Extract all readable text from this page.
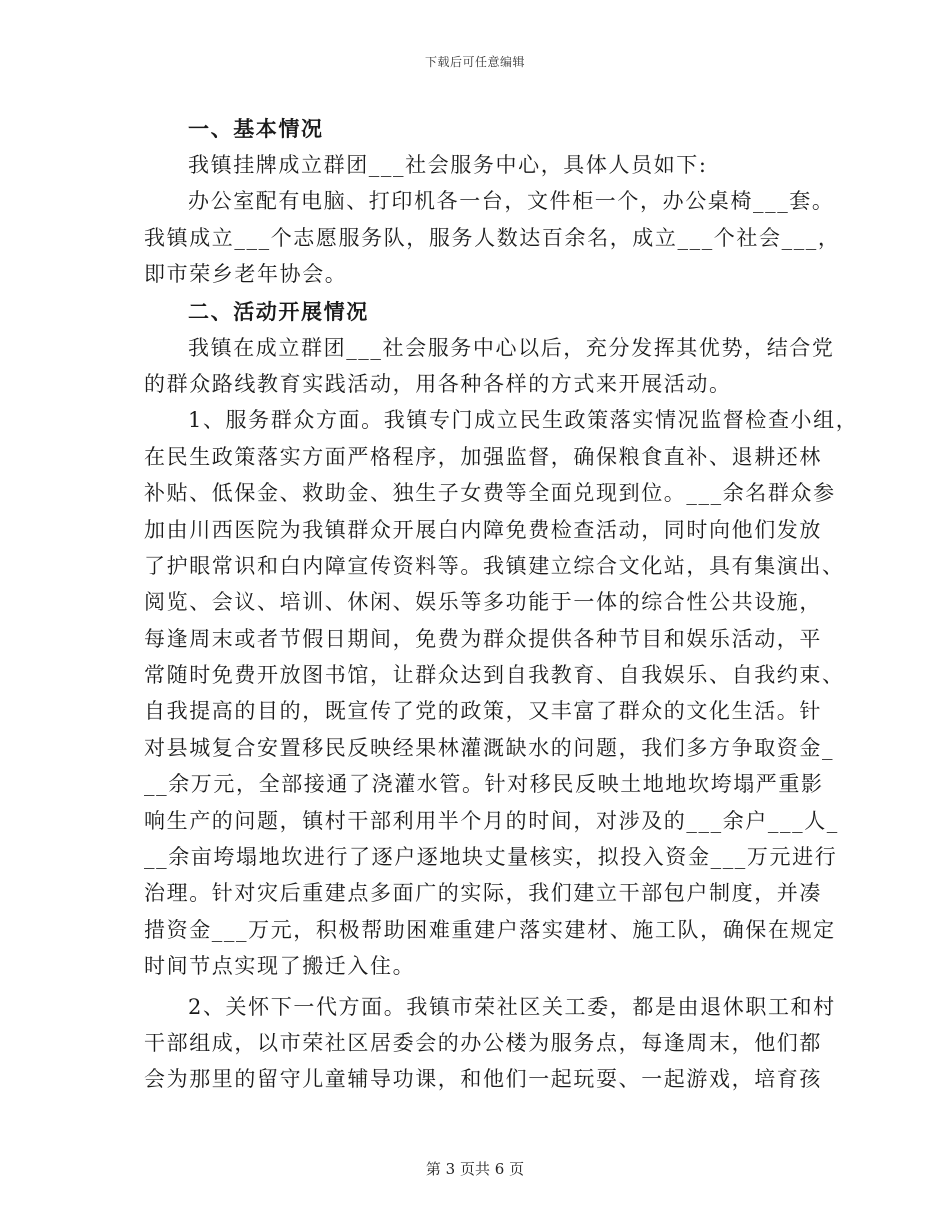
下载后可任意编辑
一、基本情况
我镇挂牌成立群团___社会服务中心，具体人员如下:
办公室配有电脑、打印机各一台，文件柜一个，办公桌椅___套。
我镇成立___个志愿服务队，服务人数达百余名，成立___个社会___，
即市荣乡老年协会。
二、活动开展情况
我镇在成立群团___社会服务中心以后，充分发挥其优势，结合党
的群众路线教育实践活动，用各种各样的方式来开展活动。
1、服务群众方面。我镇专门成立民生政策落实情况监督检查小组，
在民生政策落实方面严格程序，加强监督，确保粮食直补、退耕还林
补贴、低保金、救助金、独生子女费等全面兑现到位。___余名群众参
加由川西医院为我镇群众开展白内障免费检查活动，同时向他们发放
了护眼常识和白内障宣传资料等。我镇建立综合文化站，具有集演出、
阅览、会议、培训、休闲、娱乐等多功能于一体的综合性公共设施，
每逢周末或者节假日期间，免费为群众提供各种节目和娱乐活动，平
常随时免费开放图书馆，让群众达到自我教育、自我娱乐、自我约束、
自我提高的目的，既宣传了党的政策，又丰富了群众的文化生活。针
对县城复合安置移民反映经果林灌溉缺水的问题，我们多方争取资金_
__余万元，全部接通了浇灌水管。针对移民反映土地地坎垮塌严重影
响生产的问题，镇村干部利用半个月的时间，对涉及的___余户___人_
__余亩垮塌地坎进行了逐户逐地块丈量核实，拟投入资金___万元进行
治理。针对灾后重建点多面广的实际，我们建立干部包户制度，并凑
措资金___万元，积极帮助困难重建户落实建材、施工队，确保在规定
时间节点实现了搬迁入住。
2、关怀下一代方面。我镇市荣社区关工委，都是由退休职工和村
干部组成，以市荣社区居委会的办公楼为服务点，每逢周末，他们都
会为那里的留守儿童辅导功课，和他们一起玩耍、一起游戏，培育孩
第 3 页共 6 页
